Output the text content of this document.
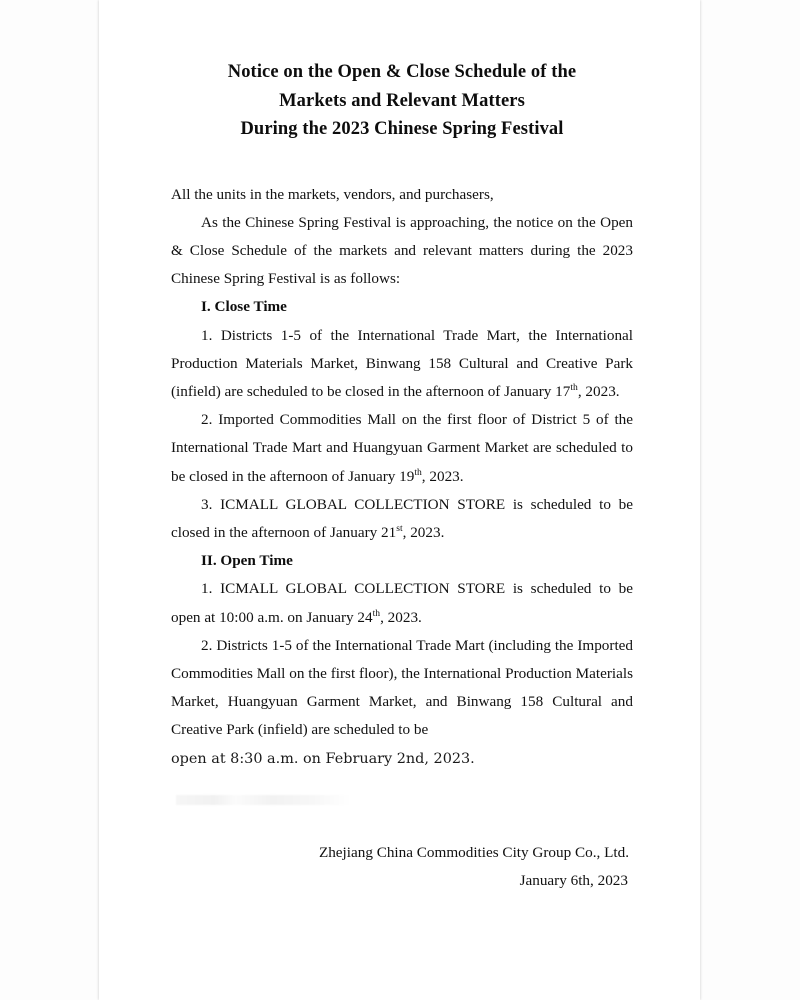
Notice on the Open & Close Schedule of the
Markets and Relevant Matters
During the 2023 Chinese Spring Festival

All the units in the markets, vendors, and purchasers,

As the Chinese Spring Festival is approaching, the notice on the Open & Close Schedule of the markets and relevant matters during the 2023 Chinese Spring Festival is as follows:

I. Close Time

1. Districts 1-5 of the International Trade Mart, the International Production Materials Market, Binwang 158 Cultural and Creative Park (infield) are scheduled to be closed in the afternoon of January 17th, 2023.

2. Imported Commodities Mall on the first floor of District 5 of the International Trade Mart and Huangyuan Garment Market are scheduled to be closed in the afternoon of January 19th, 2023.

3. ICMALL GLOBAL COLLECTION STORE is scheduled to be closed in the afternoon of January 21st, 2023.

II. Open Time

1. ICMALL GLOBAL COLLECTION STORE is scheduled to be open at 10:00 a.m. on January 24th, 2023.

2. Districts 1-5 of the International Trade Mart (including the Imported Commodities Mall on the first floor), the International Production Materials Market, Huangyuan Garment Market, and Binwang 158 Cultural and Creative Park (infield) are scheduled to be

open at 8:30 a.m. on February 2nd, 2023.

Zhejiang China Commodities City Group Co., Ltd.

January 6th, 2023
